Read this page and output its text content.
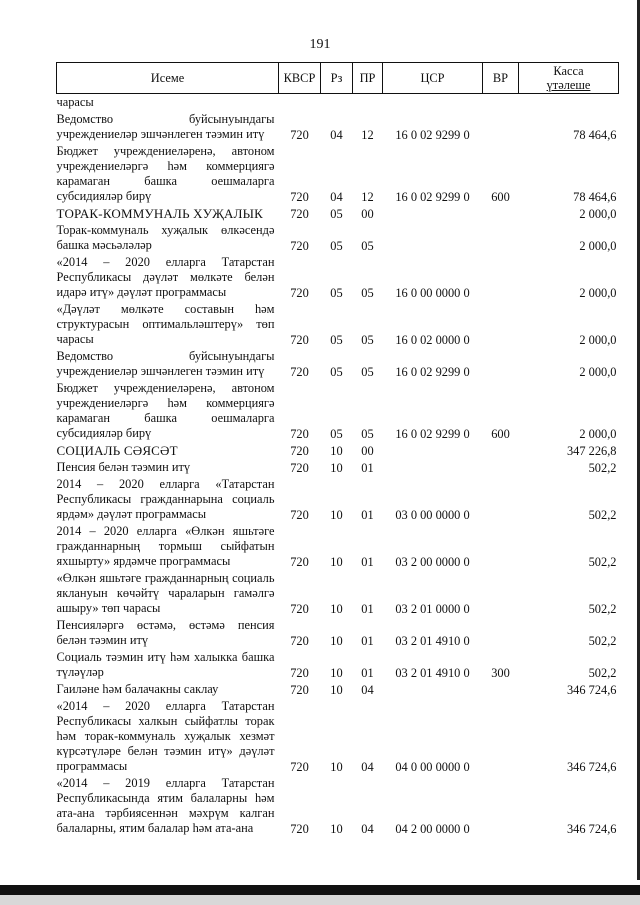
191
Исеме	КВСР	Рз	ПР	ЦСР	ВР	Касса
үтәлеше

чарасы						
Ведомство буйсынуындагы учреждениеләр эшчәнлеген тәэмин итү	720	04	12	16 0 02 9299 0		78 464,6
Бюджет учреждениеләренә, автоном учреждениеләргә һәм коммерциягә карамаган башка оешмаларга субсидияләр бирү	720	04	12	16 0 02 9299 0	600	78 464,6
ТОРАК-КОММУНАЛЬ ХУҖАЛЫК	720	05	00			2 000,0
Торак-коммуналь хуҗалык өлкәсендә башка мәсьәләләр	720	05	05			2 000,0
«2014 – 2020 елларга Татарстан Республикасы дәүләт мөлкәте белән идарә итү» дәүләт программасы	720	05	05	16 0 00 0000 0		2 000,0
«Дәүләт мөлкәте составын һәм структурасын оптимальләштерү» төп чарасы	720	05	05	16 0 02 0000 0		2 000,0
Ведомство буйсынуындагы учреждениеләр эшчәнлеген тәэмин итү	720	05	05	16 0 02 9299 0		2 000,0
Бюджет учреждениеләренә, автоном учреждениеләргә һәм коммерциягә карамаган башка оешмаларга субсидияләр бирү	720	05	05	16 0 02 9299 0	600	2 000,0
СОЦИАЛЬ СӘЯСӘТ	720	10	00			347 226,8
Пенсия белән тәэмин итү	720	10	01			502,2
2014 – 2020 елларга «Татарстан Республикасы гражданнарына социаль ярдәм» дәүләт программасы	720	10	01	03 0 00 0000 0		502,2
2014 – 2020 елларга «Өлкән яшьтәге гражданнарның тормыш сыйфатын яхшырту» ярдәмче программасы	720	10	01	03 2 00 0000 0		502,2
«Өлкән яшьтәге гражданнарның социаль яклануын көчәйтү чараларын гамәлгә ашыру» төп чарасы	720	10	01	03 2 01 0000 0		502,2
Пенсияләргә өстәмә, өстәмә пенсия белән тәэмин итү	720	10	01	03 2 01 4910 0		502,2
Социаль тәэмин итү һәм халыкка башка түләүләр	720	10	01	03 2 01 4910 0	300	502,2
Гаиләне һәм балачакны саклау	720	10	04			346 724,6
«2014 – 2020 елларга Татарстан Республикасы халкын сыйфатлы торак һәм торак-коммуналь хуҗалык хезмәт күрсәтүләре белән тәэмин итү» дәүләт программасы	720	10	04	04 0 00 0000 0		346 724,6
«2014 – 2019 елларга Татарстан Республикасында ятим балаларны һәм ата-ана тәрбиясеннән мәхрүм калган балаларны, ятим балалар һәм ата-ана	720	10	04	04 2 00 0000 0		346 724,6
